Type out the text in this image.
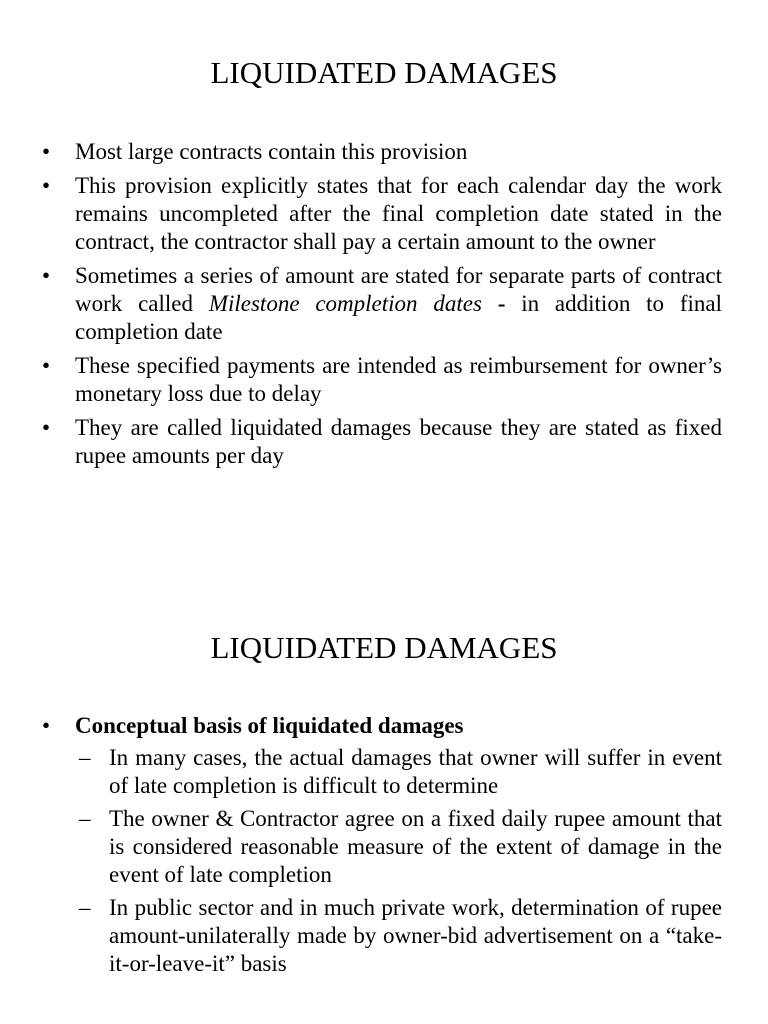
LIQUIDATED DAMAGES
•	Most large contracts contain this provision
•	This provision explicitly states that for each calendar day the work remains uncompleted after the final completion date stated in the contract, the contractor shall pay a certain amount to the owner
•	Sometimes a series of amount are stated for separate parts of contract work called Milestone completion dates - in addition to final completion date
•	These specified payments are intended as reimbursement for owner’s monetary loss due to delay
•	They are called liquidated damages because they are stated as fixed rupee amounts per day
LIQUIDATED DAMAGES
•	Conceptual basis of liquidated damages
– In many cases, the actual damages that owner will suffer in event of late completion is difficult to determine
– The owner & Contractor agree on a fixed daily rupee amount that is considered reasonable measure of the extent of damage in the event of late completion
– In public sector and in much private work, determination of rupee amount-unilaterally made by owner-bid advertisement on a “take-it-or-leave-it” basis
